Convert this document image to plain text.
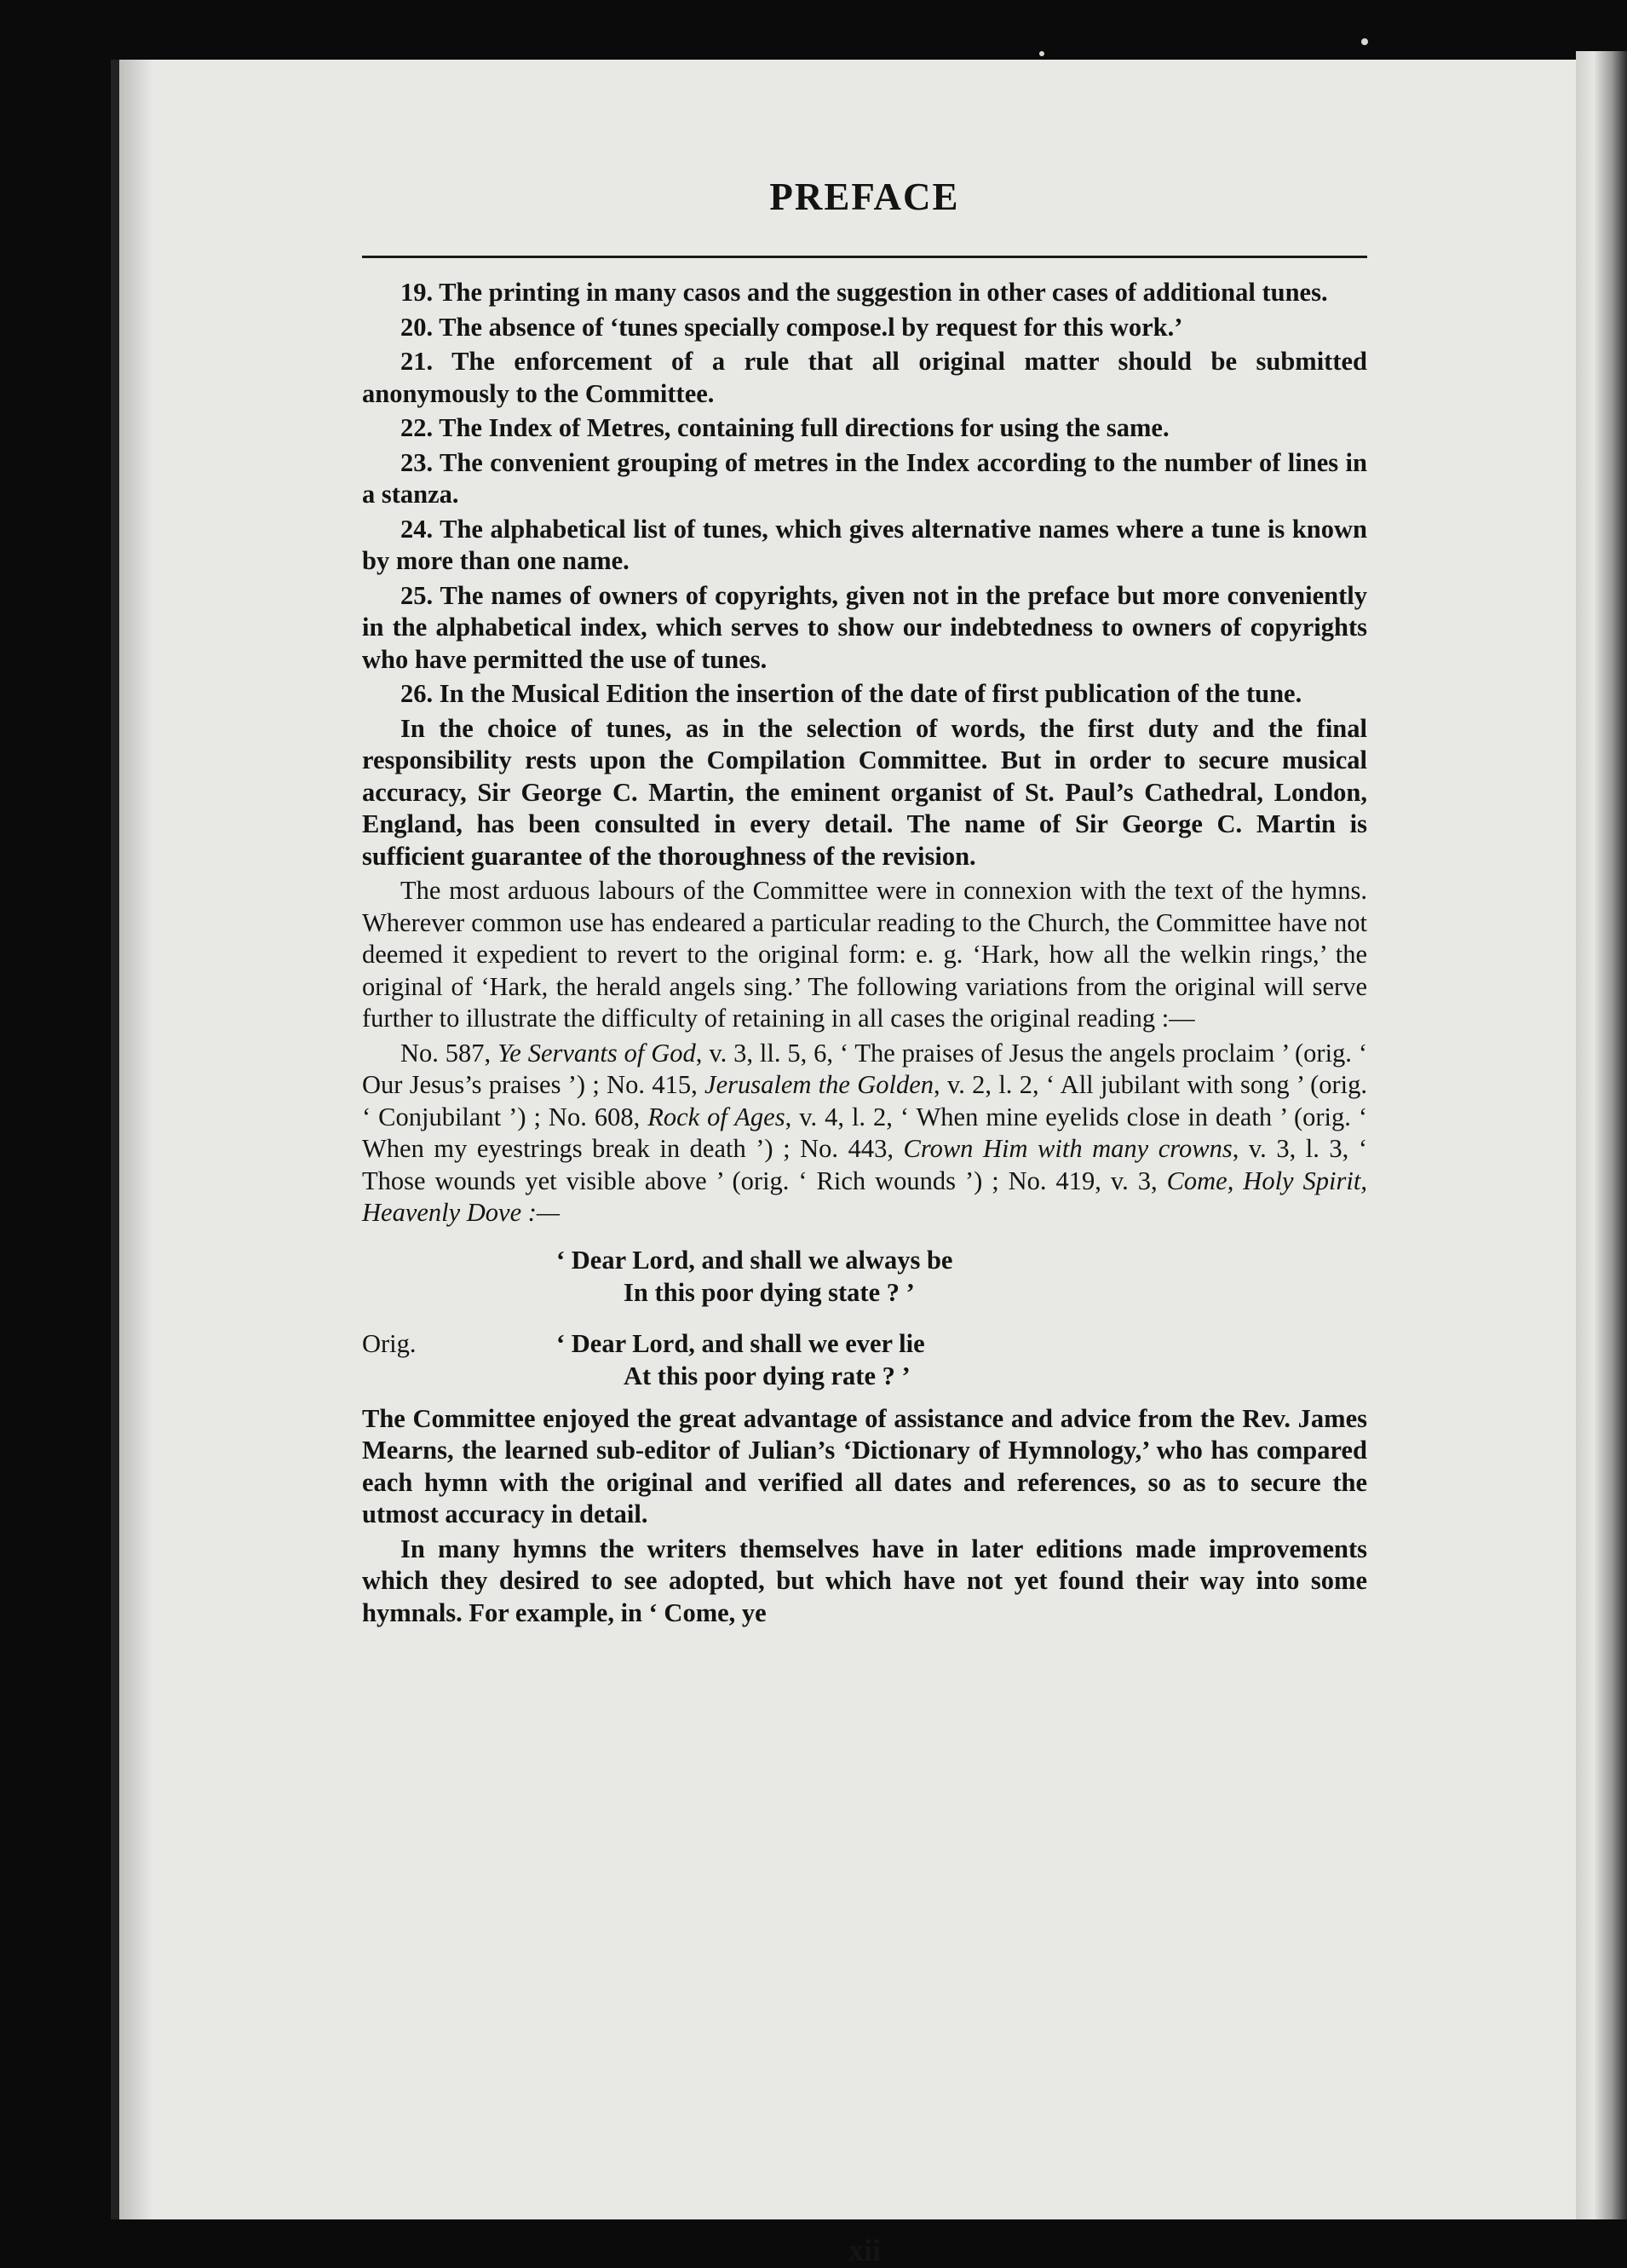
PREFACE

19. The printing in many casos and the suggestion in other cases of additional tunes.

20. The absence of ‘tunes specially compose.l by request for this work.’

21. The enforcement of a rule that all original matter should be submitted anonymously to the Committee.

22. The Index of Metres, containing full directions for using the same.

23. The convenient grouping of metres in the Index according to the number of lines in a stanza.

24. The alphabetical list of tunes, which gives alternative names where a tune is known by more than one name.

25. The names of owners of copyrights, given not in the preface but more conveniently in the alphabetical index, which serves to show our indebtedness to owners of copyrights who have permitted the use of tunes.

26. In the Musical Edition the insertion of the date of first publication of the tune.

In the choice of tunes, as in the selection of words, the first duty and the final responsibility rests upon the Compilation Committee. But in order to secure musical accuracy, Sir George C. Martin, the eminent organist of St. Paul’s Cathedral, London, England, has been consulted in every detail. The name of Sir George C. Martin is sufficient guarantee of the thoroughness of the revision.

The most arduous labours of the Committee were in connexion with the text of the hymns. Wherever common use has endeared a particular reading to the Church, the Committee have not deemed it expedient to revert to the original form: e. g. ‘Hark, how all the welkin rings,’ the original of ‘Hark, the herald angels sing.’ The following variations from the original will serve further to illustrate the difficulty of retaining in all cases the original reading :—

No. 587, Ye Servants of God, v. 3, ll. 5, 6, ‘ The praises of Jesus the angels proclaim ’ (orig. ‘ Our Jesus’s praises ’) ; No. 415, Jerusalem the Golden, v. 2, l. 2, ‘ All jubilant with song ’ (orig. ‘ Conjubilant ’) ; No. 608, Rock of Ages, v. 4, l. 2, ‘ When mine eyelids close in death ’ (orig. ‘ When my eyestrings break in death ’) ; No. 443, Crown Him with many crowns, v. 3, l. 3, ‘ Those wounds yet visible above ’ (orig. ‘ Rich wounds ’) ; No. 419, v. 3, Come, Holy Spirit, Heavenly Dove :—

‘ Dear Lord, and shall we always be
In this poor dying state ? ’
Orig.	‘ Dear Lord, and shall we ever lie
At this poor dying rate ? ’

The Committee enjoyed the great advantage of assistance and advice from the Rev. James Mearns, the learned sub-editor of Julian’s ‘Dictionary of Hymnology,’ who has compared each hymn with the original and verified all dates and references, so as to secure the utmost accuracy in detail.

In many hymns the writers themselves have in later editions made improvements which they desired to see adopted, but which have not yet found their way into some hymnals. For example, in ‘ Come, ye

xii
